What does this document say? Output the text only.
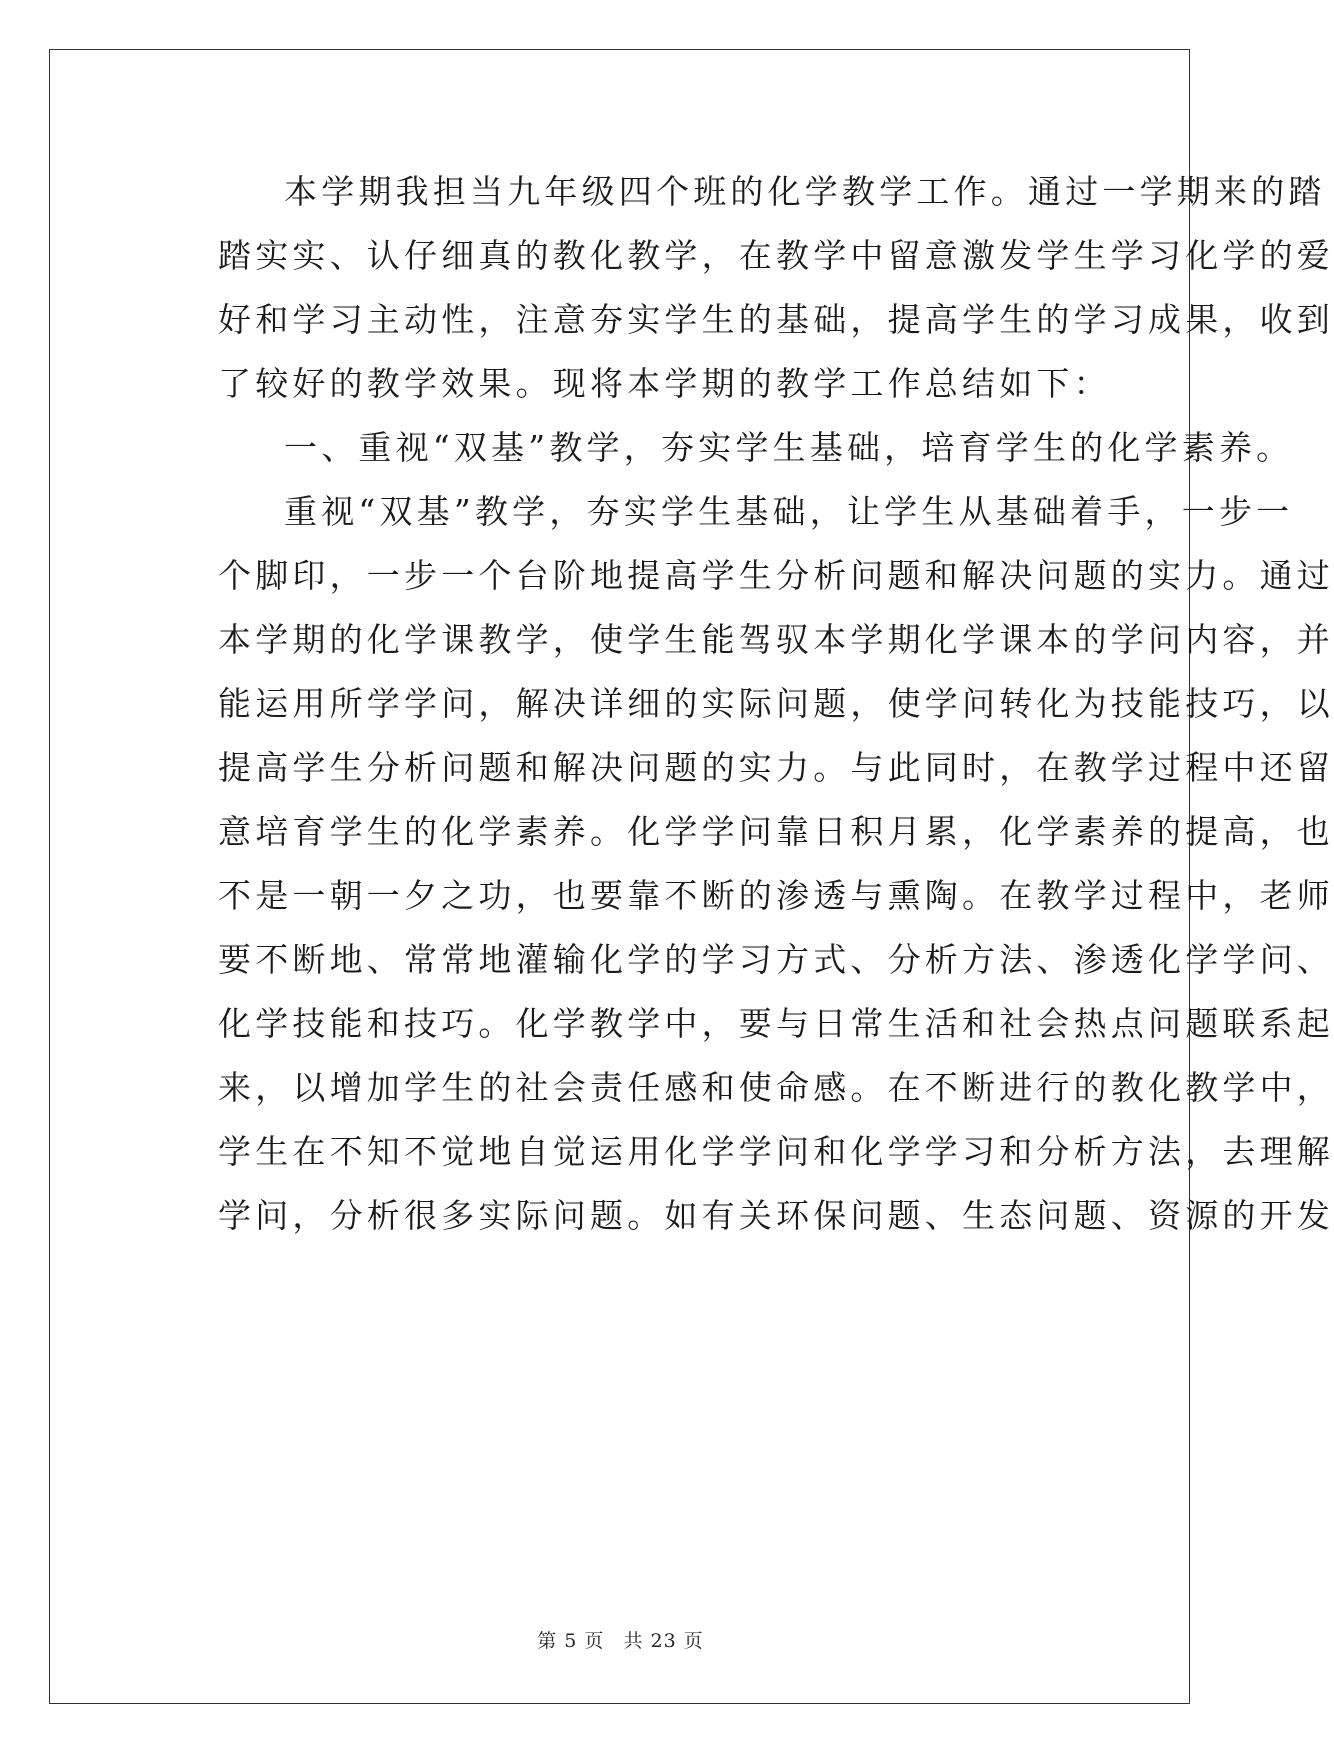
本学期我担当九年级四个班的化学教学工作。通过一学期来的踏
踏实实、认仔细真的教化教学，在教学中留意激发学生学习化学的爱
好和学习主动性，注意夯实学生的基础，提高学生的学习成果，收到
了较好的教学效果。现将本学期的教学工作总结如下：
一、重视“双基”教学，夯实学生基础，培育学生的化学素养。
重视“双基”教学，夯实学生基础，让学生从基础着手，一步一
个脚印，一步一个台阶地提高学生分析问题和解决问题的实力。通过
本学期的化学课教学，使学生能驾驭本学期化学课本的学问内容，并
能运用所学学问，解决详细的实际问题，使学问转化为技能技巧，以
提高学生分析问题和解决问题的实力。与此同时，在教学过程中还留
意培育学生的化学素养。化学学问靠日积月累，化学素养的提高，也
不是一朝一夕之功，也要靠不断的渗透与熏陶。在教学过程中，老师
要不断地、常常地灌输化学的学习方式、分析方法、渗透化学学问、
化学技能和技巧。化学教学中，要与日常生活和社会热点问题联系起
来，以增加学生的社会责任感和使命感。在不断进行的教化教学中，
学生在不知不觉地自觉运用化学学问和化学学习和分析方法，去理解
学问，分析很多实际问题。如有关环保问题、生态问题、资源的开发
第 5 页 共 23 页
